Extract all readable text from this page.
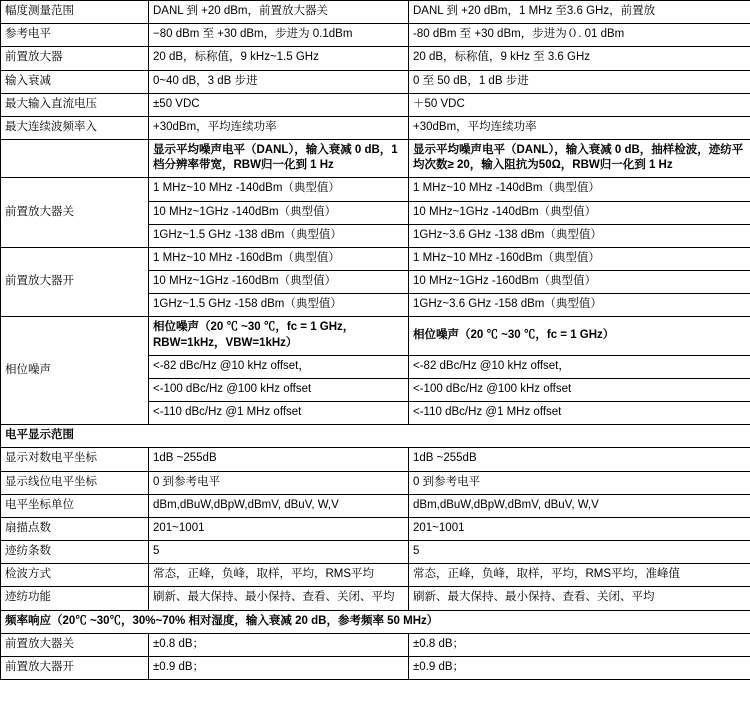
幅度测量范围	DANL 到 +20 dBm，前置放大器关	DANL 到 +20 dBm，1 MHz 至3.6 GHz，前置放
参考电平	−80 dBm 至 +30 dBm，步进为 0.1dBm	-80 dBm 至 +30 dBm，步进为０. 01 dBm
前置放大器	20 dB，标称值，9 kHz~1.5 GHz	20 dB，标称值，9 kHz 至 3.6 GHz
输入衰减	0~40 dB，3 dB 步进	0 至 50 dB，1 dB 步进
最大输入直流电压	±50 VDC	＋50 VDC
最大连续波频率入	+30dBm，平均连续功率	+30dBm，平均连续功率
	显示平均噪声电平（DANL），输入衰减 0 dB，1档分辨率带宽，RBW归一化到 1 Hz	显示平均噪声电平（DANL），输入衰减 0 dB，抽样检波，迹纺平均次数≥ 20，输入阻抗为50Ω，RBW归一化到 1 Hz
前置放大器关	1 MHz~10 MHz -140dBm（典型值）	1 MHz~10 MHz -140dBm（典型值）
	10 MHz~1GHz -140dBm（典型值）	10 MHz~1GHz -140dBm（典型值）
	1GHz~1.5 GHz -138 dBm（典型值）	1GHz~3.6 GHz -138 dBm（典型值）
前置放大器开	1 MHz~10 MHz -160dBm（典型值）	1 MHz~10 MHz -160dBm（典型值）
	10 MHz~1GHz -160dBm（典型值）	10 MHz~1GHz -160dBm（典型值）
	1GHz~1.5 GHz -158 dBm（典型值）	1GHz~3.6 GHz -158 dBm（典型值）
相位噪声	相位噪声（20 ℃ ~30 ℃，fc = 1 GHz，RBW=1kHz，VBW=1kHz）	相位噪声（20 ℃ ~30 ℃，fᴄ = 1 GHz）
	<-82 dBc/Hz @10 kHz offset，	<-82 dBc/Hz @10 kHz offset，
	<-100 dBc/Hz @100 kHz offset	<-100 dBc/Hz @100 kHz offset
	<-110 dBc/Hz @1 MHz offset	<-110 dBc/Hz @1 MHz offset
电平显示范围		
显示对数电平坐标	1dB ~255dB	1dB ~255dB
显示线位电平坐标	0 到参考电平	0 到参考电平
电平坐标单位	dBm,dBuW,dBpW,dBmV, dBuV, W,V	dBm,dBuW,dBpW,dBmV, dBuV, W,V
扇描点数	201~1001	201~1001
迹纺条数	5	5
检波方式	常态，正峰，负峰，取样，平均，RMS平均	常态，正峰，负峰，取样，平均，RMS平均，准峰值
迹纺功能	刷新、最大保持、最小保持、查看、关闭、平均	刷新、最大保持、最小保持、查看、关闭、平均
频率响应（20℃ ~30℃，30%~70% 相对湿度，输入衰减 20 dB，参考频率 50 MHz）		
前置放大器关	±0.8 dB；	±0.8 dB；
前置放大器开	±0.9 dB；	±0.9 dB；
